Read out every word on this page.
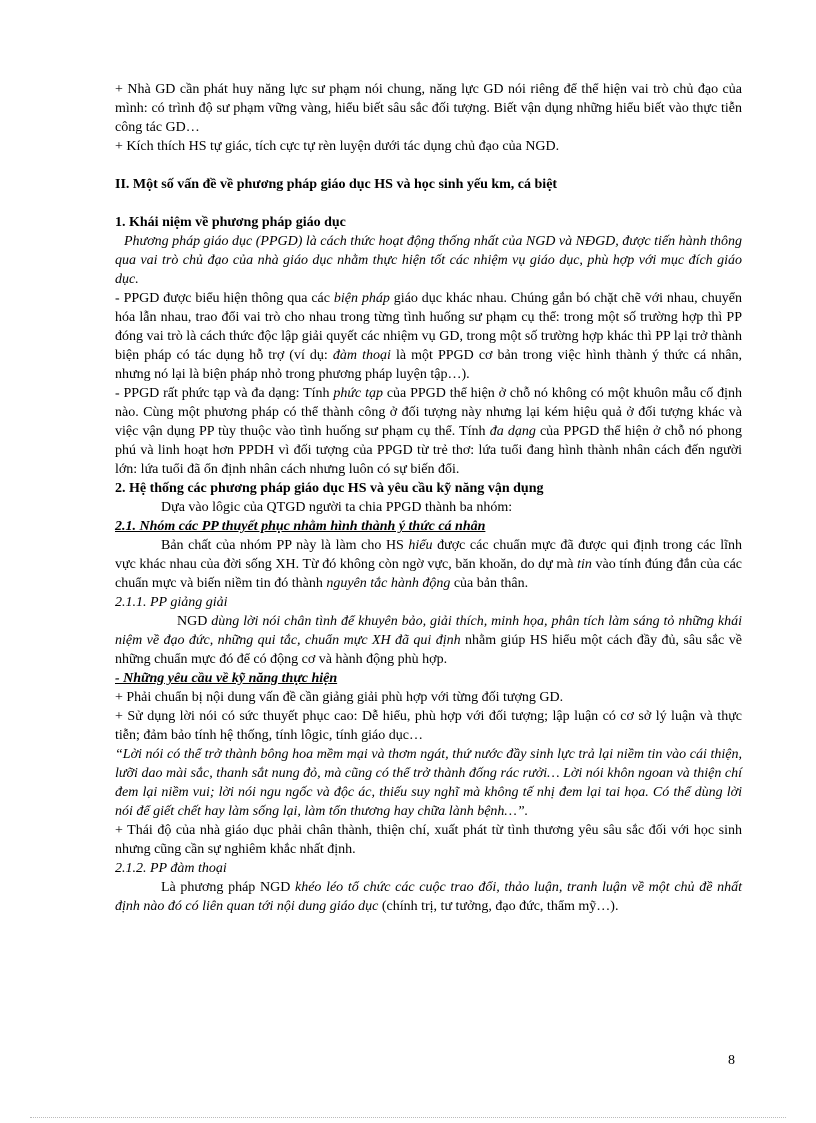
+ Nhà GD cần phát huy năng lực sư phạm nói chung, năng lực GD nói riêng để thể hiện vai trò chủ đạo của mình: có trình độ sư phạm vững vàng, hiểu biết sâu sắc đối tượng. Biết vận dụng những hiểu biết vào thực tiễn công tác GD…

+ Kích thích HS tự giác, tích cực tự rèn luyện dưới tác dụng chủ đạo của NGD.

II. Một số vấn đề về phương pháp giáo dục HS và học sinh yếu km, cá biệt

1. Khái niệm về phương pháp giáo dục

Phương pháp giáo dục (PPGD) là cách thức hoạt động thống nhất của NGD và NĐGD, được tiến hành thông qua vai trò chủ đạo của nhà giáo dục nhằm thực hiện tốt các nhiệm vụ giáo dục, phù hợp với mục đích giáo dục.

- PPGD được biểu hiện thông qua các biện pháp giáo dục khác nhau. Chúng gắn bó chặt chẽ với nhau, chuyển hóa lẫn nhau, trao đổi vai trò cho nhau trong từng tình huống sư phạm cụ thể: trong một số trường hợp thì PP đóng vai trò là cách thức độc lập giải quyết các nhiệm vụ GD, trong một số trường hợp khác thì PP lại trở thành biện pháp có tác dụng hỗ trợ (ví dụ: đàm thoại là một PPGD cơ bản trong việc hình thành ý thức cá nhân, nhưng nó lại là biện pháp nhỏ trong phương pháp luyện tập…).

- PPGD rất phức tạp và đa dạng: Tính phức tạp của PPGD thể hiện ở chỗ nó không có một khuôn mẫu cố định nào. Cùng một phương pháp có thể thành công ở đối tượng này nhưng lại kém hiệu quả ở đối tượng khác và việc vận dụng PP tùy thuộc vào tình huống sư phạm cụ thể. Tính đa dạng của PPGD thể hiện ở chỗ nó phong phú và linh hoạt hơn PPDH vì đối tượng của PPGD từ trẻ thơ: lứa tuổi đang hình thành nhân cách đến người lớn: lứa tuổi đã ổn định nhân cách nhưng luôn có sự biến đổi.

2. Hệ thống các phương pháp giáo dục HS và yêu cầu kỹ năng vận dụng

Dựa vào lôgic của QTGD người ta chia PPGD thành ba nhóm:

2.1. Nhóm các PP thuyết phục nhằm hình thành ý thức cá nhân

Bản chất của nhóm PP này là làm cho HS hiểu được các chuẩn mực đã được qui định trong các lĩnh vực khác nhau của đời sống XH. Từ đó không còn ngờ vực, băn khoăn, do dự mà tin vào tính đúng đắn của các chuẩn mực và biến niềm tin đó thành nguyên tắc hành động của bản thân.

2.1.1. PP giảng giải

NGD dùng lời nói chân tình để khuyên bảo, giải thích, minh họa, phân tích làm sáng tỏ những khái niệm về đạo đức, những qui tắc, chuẩn mực XH đã qui định nhằm giúp HS hiểu một cách đầy đủ, sâu sắc về những chuẩn mực đó để có động cơ và hành động phù hợp.

- Những yêu cầu về kỹ năng thực hiện

+ Phải chuẩn bị nội dung vấn đề cần giảng giải phù hợp với từng đối tượng GD.

+ Sử dụng lời nói có sức thuyết phục cao: Dễ hiểu, phù hợp với đối tượng; lập luận có cơ sở lý luận và thực tiễn; đảm bảo tính hệ thống, tính lôgic, tính giáo dục…

“Lời nói có thể trở thành bông hoa mềm mại và thơm ngát, thứ nước đầy sinh lực trả lại niềm tin vào cái thiện, lưỡi dao mài sắc, thanh sắt nung đỏ, mà cũng có thể trở thành đống rác rưởi… Lời nói khôn ngoan và thiện chí đem lại niềm vui; lời nói ngu ngốc và độc ác, thiếu suy nghĩ mà không tế nhị đem lại tai họa. Có thể dùng lời nói để giết chết hay làm sống lại, làm tổn thương hay chữa lành bệnh…”.

+ Thái độ của nhà giáo dục phải chân thành, thiện chí, xuất phát từ tình thương yêu sâu sắc đối với học sinh nhưng cũng cần sự nghiêm khắc nhất định.

2.1.2. PP đàm thoại

Là phương pháp NGD khéo léo tổ chức các cuộc trao đổi, thảo luận, tranh luận về một chủ đề nhất định nào đó có liên quan tới nội dung giáo dục (chính trị, tư tưởng, đạo đức, thẩm mỹ…).

8
